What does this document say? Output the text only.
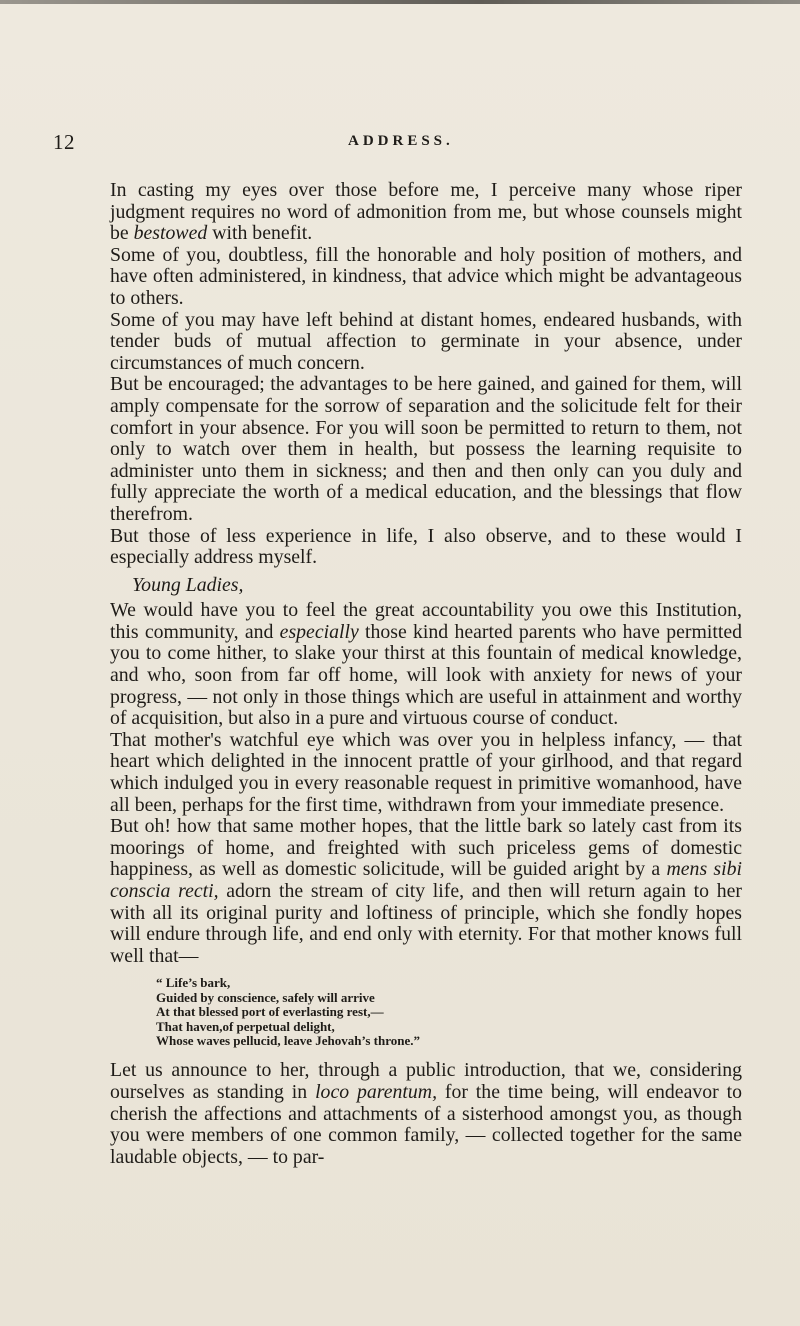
12	ADDRESS.

In casting my eyes over those before me, I perceive many whose riper judgment requires no word of admonition from me, but whose counsels might be bestowed with benefit.

Some of you, doubtless, fill the honorable and holy position of mothers, and have often administered, in kindness, that advice which might be advantageous to others.

Some of you may have left behind at distant homes, endeared husbands, with tender buds of mutual affection to germinate in your absence, under circumstances of much concern.

But be encouraged; the advantages to be here gained, and gained for them, will amply compensate for the sorrow of separation and the solicitude felt for their comfort in your absence. For you will soon be permitted to return to them, not only to watch over them in health, but possess the learning requisite to administer unto them in sickness; and then and then only can you duly and fully appreciate the worth of a medical education, and the blessings that flow therefrom.

But those of less experience in life, I also observe, and to these would I especially address myself.

Young Ladies,

We would have you to feel the great accountability you owe this Institution, this community, and especially those kind hearted parents who have permitted you to come hither, to slake your thirst at this fountain of medical knowledge, and who, soon from far off home, will look with anxiety for news of your progress, — not only in those things which are useful in attainment and worthy of acquisition, but also in a pure and virtuous course of conduct.

That mother's watchful eye which was over you in helpless infancy, — that heart which delighted in the innocent prattle of your girlhood, and that regard which indulged you in every reasonable request in primitive womanhood, have all been, perhaps for the first time, withdrawn from your immediate presence.

But oh! how that same mother hopes, that the little bark so lately cast from its moorings of home, and freighted with such priceless gems of domestic happiness, as well as domestic solicitude, will be guided aright by a mens sibi conscia recti, adorn the stream of city life, and then will return again to her with all its original purity and loftiness of principle, which she fondly hopes will endure through life, and end only with eternity. For that mother knows full well that—

“ Life’s bark,
Guided by conscience, safely will arrive
At that blessed port of everlasting rest,—
That haven,of perpetual delight,
Whose waves pellucid, leave Jehovah’s throne.”

Let us announce to her, through a public introduction, that we, considering ourselves as standing in loco parentum, for the time being, will endeavor to cherish the affections and attachments of a sisterhood amongst you, as though you were members of one common family, — collected together for the same laudable objects, — to par-
